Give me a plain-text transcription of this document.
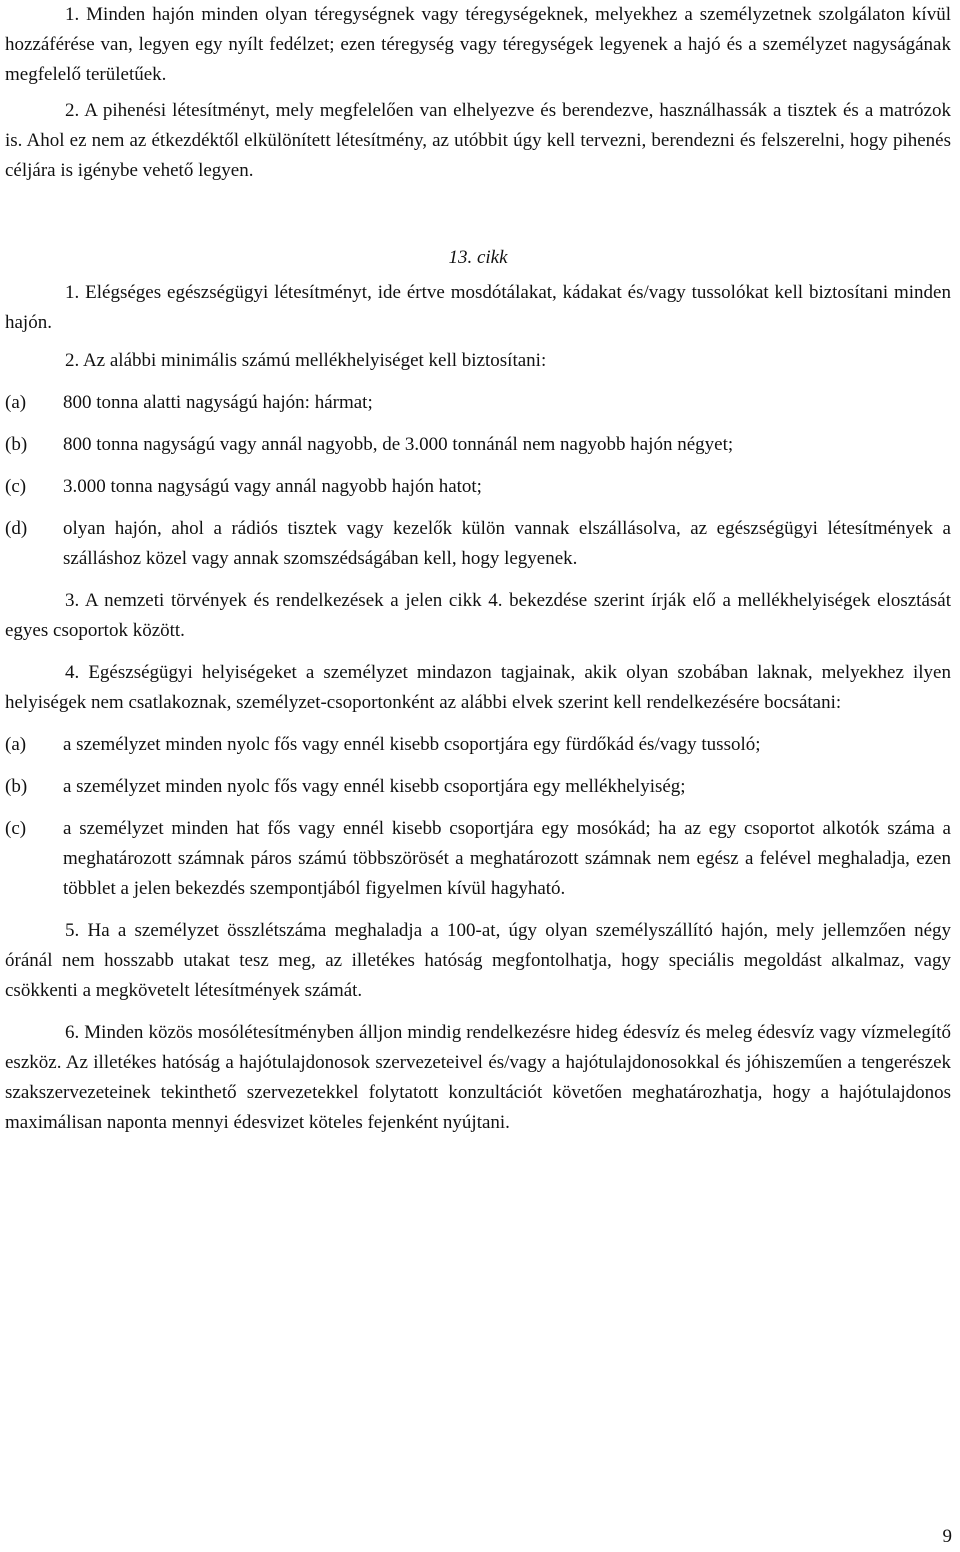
1. Minden hajón minden olyan téregységnek vagy téregységeknek, melyekhez a személyzetnek szolgálaton kívül hozzáférése van, legyen egy nyílt fedélzet; ezen téregység vagy téregységek legyenek a hajó és a személyzet nagyságának megfelelő területűek.

2. A pihenési létesítményt, mely megfelelően van elhelyezve és berendezve, használhassák a tisztek és a matrózok is. Ahol ez nem az étkezdéktől elkülönített létesítmény, az utóbbit úgy kell tervezni, berendezni és felszerelni, hogy pihenés céljára is igénybe vehető legyen.

13. cikk

1. Elégséges egészségügyi létesítményt, ide értve mosdótálakat, kádakat és/vagy tussolókat kell biztosítani minden hajón.

2. Az alábbi minimális számú mellékhelyiséget kell biztosítani:

(a)	800 tonna alatti nagyságú hajón: hármat;
(b)	800 tonna nagyságú vagy annál nagyobb, de 3.000 tonnánál nem nagyobb hajón négyet;
(c)	3.000 tonna nagyságú vagy annál nagyobb hajón hatot;
(d)	olyan hajón, ahol a rádiós tisztek vagy kezelők külön vannak elszállásolva, az egészségügyi létesítmények a szálláshoz közel vagy annak szomszédságában kell, hogy legyenek.

3. A nemzeti törvények és rendelkezések a jelen cikk 4. bekezdése szerint írják elő a mellékhelyiségek elosztását egyes csoportok között.

4. Egészségügyi helyiségeket a személyzet mindazon tagjainak, akik olyan szobában laknak, melyekhez ilyen helyiségek nem csatlakoznak, személyzet-csoportonként az alábbi elvek szerint kell rendelkezésére bocsátani:

(a)	a személyzet minden nyolc fős vagy ennél kisebb csoportjára egy fürdőkád és/vagy tussoló;
(b)	a személyzet minden nyolc fős vagy ennél kisebb csoportjára egy mellékhelyiség;
(c)	a személyzet minden hat fős vagy ennél kisebb csoportjára egy mosókád; ha az egy csoportot alkotók száma a meghatározott számnak páros számú többszörösét a meghatározott számnak nem egész a felével meghaladja, ezen többlet a jelen bekezdés szempontjából figyelmen kívül hagyható.

5. Ha a személyzet összlétszáma meghaladja a 100-at, úgy olyan személyszállító hajón, mely jellemzően négy óránál nem hosszabb utakat tesz meg, az illetékes hatóság megfontolhatja, hogy speciális megoldást alkalmaz, vagy csökkenti a megkövetelt létesítmények számát.

6. Minden közös mosólétesítményben álljon mindig rendelkezésre hideg édesvíz és meleg édesvíz vagy vízmelegítő eszköz. Az illetékes hatóság a hajótulajdonosok szervezeteivel és/vagy a hajótulajdonosokkal és jóhiszeműen a tengerészek szakszervezeteinek tekinthető szervezetekkel folytatott konzultációt követően meghatározhatja, hogy a hajótulajdonos maximálisan naponta mennyi édesvizet köteles fejenként nyújtani.

9
